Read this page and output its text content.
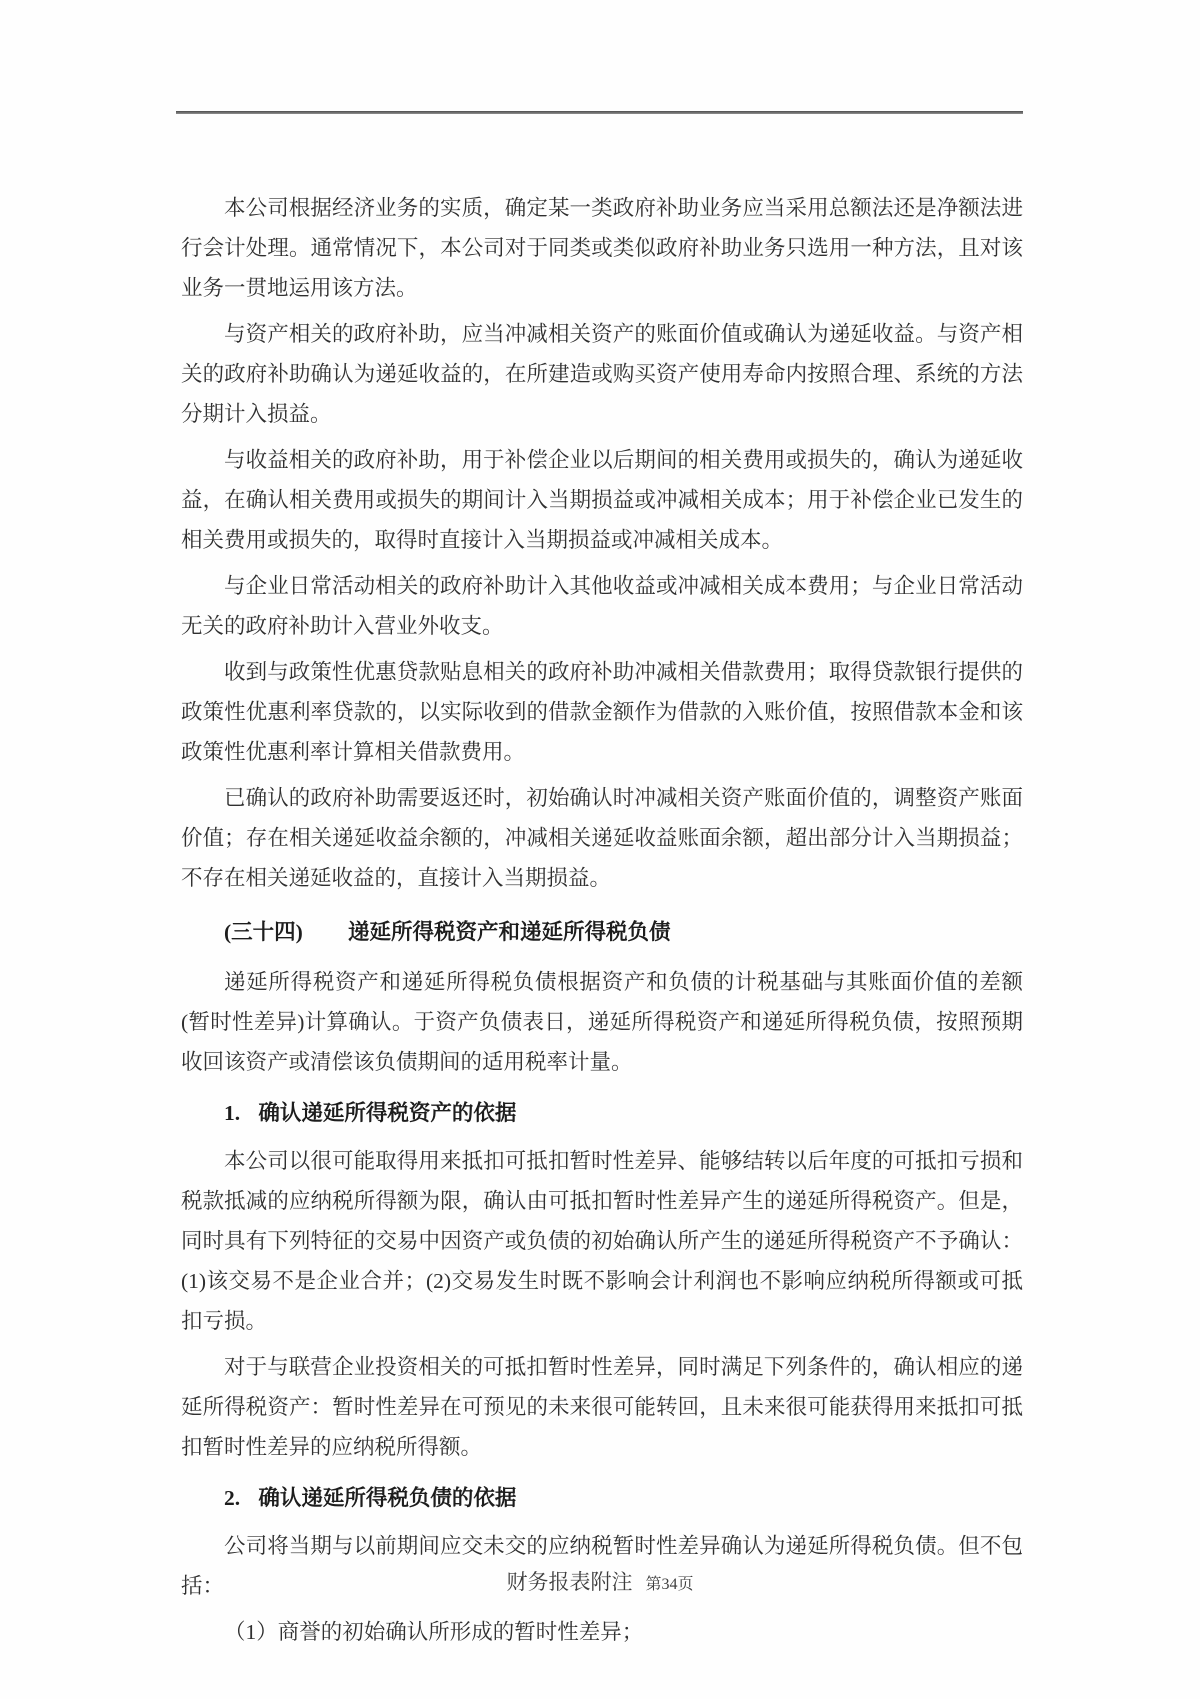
本公司根据经济业务的实质，确定某一类政府补助业务应当采用总额法还是净额法进行会计处理。通常情况下，本公司对于同类或类似政府补助业务只选用一种方法，且对该业务一贯地运用该方法。

与资产相关的政府补助，应当冲减相关资产的账面价值或确认为递延收益。与资产相关的政府补助确认为递延收益的，在所建造或购买资产使用寿命内按照合理、系统的方法分期计入损益。

与收益相关的政府补助，用于补偿企业以后期间的相关费用或损失的，确认为递延收益，在确认相关费用或损失的期间计入当期损益或冲减相关成本；用于补偿企业已发生的相关费用或损失的，取得时直接计入当期损益或冲减相关成本。

与企业日常活动相关的政府补助计入其他收益或冲减相关成本费用；与企业日常活动无关的政府补助计入营业外收支。

收到与政策性优惠贷款贴息相关的政府补助冲减相关借款费用；取得贷款银行提供的政策性优惠利率贷款的，以实际收到的借款金额作为借款的入账价值，按照借款本金和该政策性优惠利率计算相关借款费用。

已确认的政府补助需要返还时，初始确认时冲减相关资产账面价值的，调整资产账面价值；存在相关递延收益余额的，冲减相关递延收益账面余额，超出部分计入当期损益；不存在相关递延收益的，直接计入当期损益。

(三十四) 递延所得税资产和递延所得税负债

递延所得税资产和递延所得税负债根据资产和负债的计税基础与其账面价值的差额(暂时性差异)计算确认。于资产负债表日，递延所得税资产和递延所得税负债，按照预期收回该资产或清偿该负债期间的适用税率计量。

1. 确认递延所得税资产的依据

本公司以很可能取得用来抵扣可抵扣暂时性差异、能够结转以后年度的可抵扣亏损和税款抵减的应纳税所得额为限，确认由可抵扣暂时性差异产生的递延所得税资产。但是，同时具有下列特征的交易中因资产或负债的初始确认所产生的递延所得税资产不予确认：(1)该交易不是企业合并；(2)交易发生时既不影响会计利润也不影响应纳税所得额或可抵扣亏损。

对于与联营企业投资相关的可抵扣暂时性差异，同时满足下列条件的，确认相应的递延所得税资产：暂时性差异在可预见的未来很可能转回，且未来很可能获得用来抵扣可抵扣暂时性差异的应纳税所得额。

2. 确认递延所得税负债的依据

公司将当期与以前期间应交未交的应纳税暂时性差异确认为递延所得税负债。但不包括：

（1）商誉的初始确认所形成的暂时性差异；

财务报表附注 第34页
